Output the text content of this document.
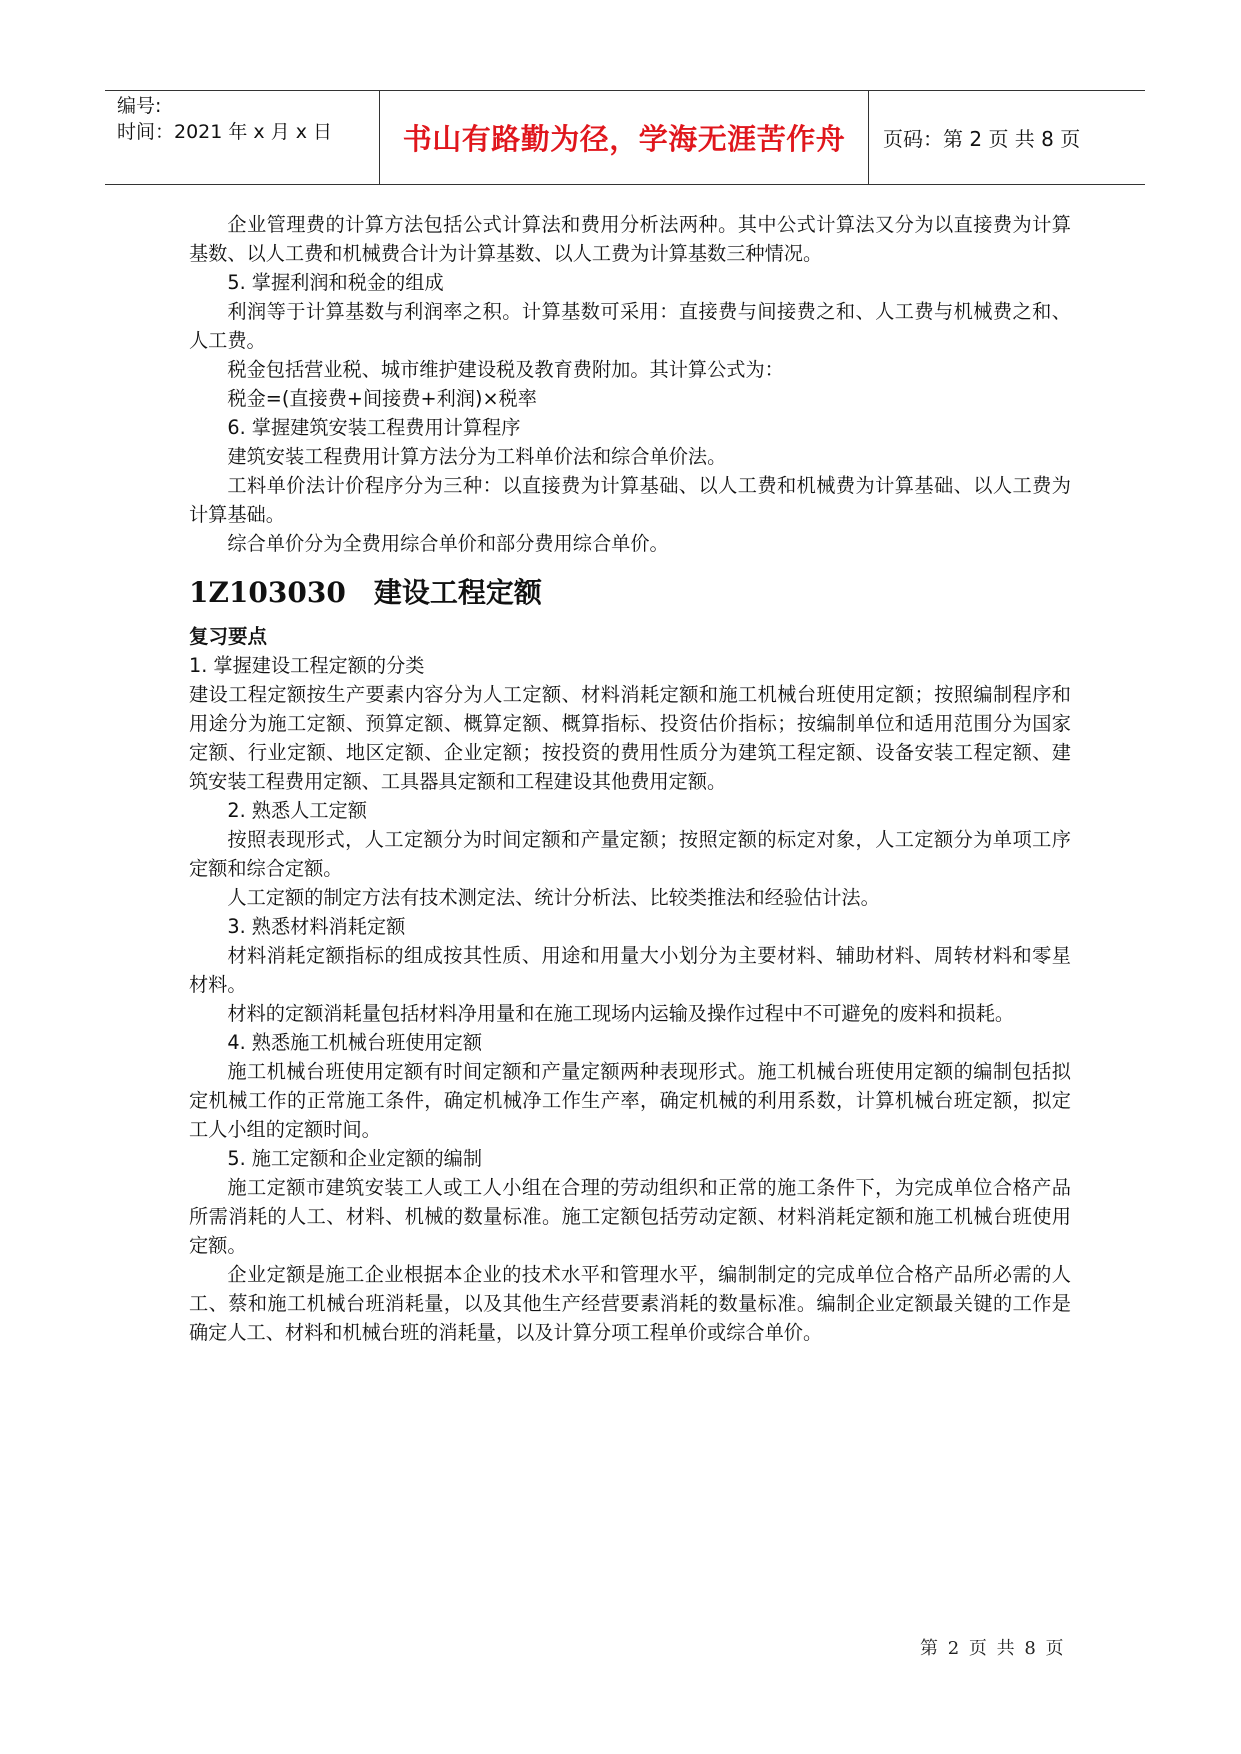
编号:
时间：2021 年 x 月 x 日	书山有路勤为径，学海无涯苦作舟	页码：第 2 页 共 8 页

企业管理费的计算方法包括公式计算法和费用分析法两种。其中公式计算法又分为以直接费为计算基数、以人工费和机械费合计为计算基数、以人工费为计算基数三种情况。

5. 掌握利润和税金的组成

利润等于计算基数与利润率之积。计算基数可采用：直接费与间接费之和、人工费与机械费之和、人工费。

税金包括营业税、城市维护建设税及教育费附加。其计算公式为：

税金=(直接费+间接费+利润)×税率

6. 掌握建筑安装工程费用计算程序

建筑安装工程费用计算方法分为工料单价法和综合单价法。

工料单价法计价程序分为三种：以直接费为计算基础、以人工费和机械费为计算基础、以人工费为计算基础。

综合单价分为全费用综合单价和部分费用综合单价。

1Z103030 建设工程定额

复习要点

1. 掌握建设工程定额的分类

建设工程定额按生产要素内容分为人工定额、材料消耗定额和施工机械台班使用定额；按照编制程序和用途分为施工定额、预算定额、概算定额、概算指标、投资估价指标；按编制单位和适用范围分为国家定额、行业定额、地区定额、企业定额；按投资的费用性质分为建筑工程定额、设备安装工程定额、建筑安装工程费用定额、工具器具定额和工程建设其他费用定额。

2. 熟悉人工定额

按照表现形式，人工定额分为时间定额和产量定额；按照定额的标定对象，人工定额分为单项工序定额和综合定额。

人工定额的制定方法有技术测定法、统计分析法、比较类推法和经验估计法。

3. 熟悉材料消耗定额

材料消耗定额指标的组成按其性质、用途和用量大小划分为主要材料、辅助材料、周转材料和零星材料。

材料的定额消耗量包括材料净用量和在施工现场内运输及操作过程中不可避免的废料和损耗。

4. 熟悉施工机械台班使用定额

施工机械台班使用定额有时间定额和产量定额两种表现形式。施工机械台班使用定额的编制包括拟定机械工作的正常施工条件，确定机械净工作生产率，确定机械的利用系数，计算机械台班定额，拟定工人小组的定额时间。

5. 施工定额和企业定额的编制

施工定额市建筑安装工人或工人小组在合理的劳动组织和正常的施工条件下，为完成单位合格产品所需消耗的人工、材料、机械的数量标准。施工定额包括劳动定额、材料消耗定额和施工机械台班使用定额。

企业定额是施工企业根据本企业的技术水平和管理水平，编制制定的完成单位合格产品所必需的人工、蔡和施工机械台班消耗量，以及其他生产经营要素消耗的数量标准。编制企业定额最关键的工作是确定人工、材料和机械台班的消耗量，以及计算分项工程单价或综合单价。

第 2 页 共 8 页
